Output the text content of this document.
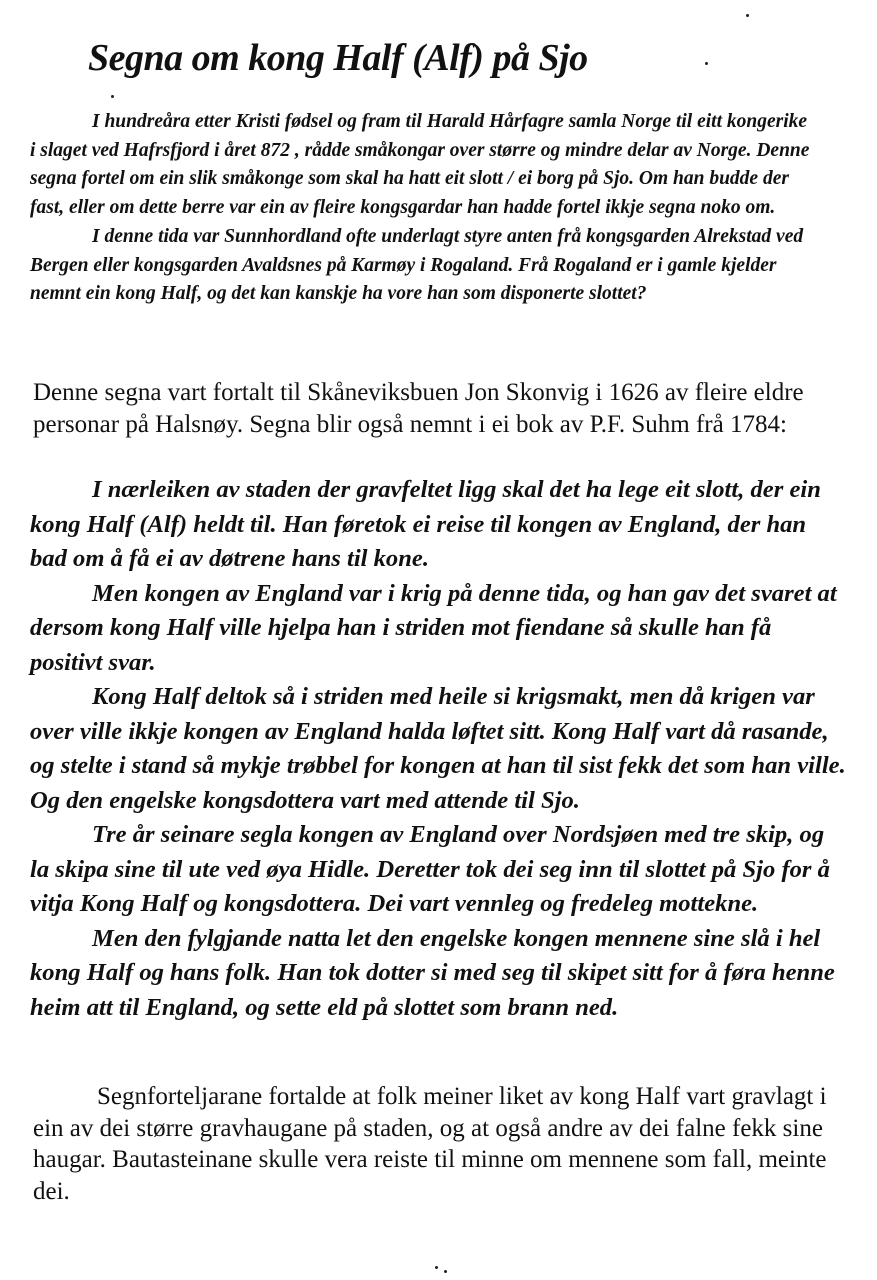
Segna om kong Half (Alf) på Sjo

I hundreåra etter Kristi fødsel og fram til Harald Hårfagre samla Norge til eitt kongerike i slaget ved Hafrsfjord i året 872 , rådde småkongar over større og mindre delar av Norge. Denne segna fortel om ein slik småkonge som skal ha hatt eit slott / ei borg på Sjo. Om han budde der fast, eller om dette berre var ein av fleire kongsgardar han hadde fortel ikkje segna noko om.

I denne tida var Sunnhordland ofte underlagt styre anten frå kongsgarden Alrekstad ved Bergen eller kongsgarden Avaldsnes på Karmøy i Rogaland. Frå Rogaland er i gamle kjelder nemnt ein kong Half, og det kan kanskje ha vore han som disponerte slottet?

Denne segna vart fortalt til Skåneviksbuen Jon Skonvig i 1626 av fleire eldre personar på Halsnøy. Segna blir også nemnt i ei bok av P.F. Suhm frå 1784:

I nærleiken av staden der gravfeltet ligg skal det ha lege eit slott, der ein kong Half (Alf) heldt til. Han føretok ei reise til kongen av England, der han bad om å få ei av døtrene hans til kone.

Men kongen av England var i krig på denne tida, og han gav det svaret at dersom kong Half ville hjelpa han i striden mot fiendane så skulle han få positivt svar.

Kong Half deltok så i striden med heile si krigsmakt, men då krigen var over ville ikkje kongen av England halda løftet sitt. Kong Half vart då rasande, og stelte i stand så mykje trøbbel for kongen at han til sist fekk det som han ville. Og den engelske kongsdottera vart med attende til Sjo.

Tre år seinare segla kongen av England over Nordsjøen med tre skip, og la skipa sine til ute ved øya Hidle. Deretter tok dei seg inn til slottet på Sjo for å vitja Kong Half og kongsdottera. Dei vart vennleg og fredeleg mottekne.

Men den fylgjande natta let den engelske kongen mennene sine slå i hel kong Half og hans folk. Han tok dotter si med seg til skipet sitt for å føra henne heim att til England, og sette eld på slottet som brann ned.

Segnforteljarane fortalde at folk meiner liket av kong Half vart gravlagt i ein av dei større gravhaugane på staden, og at også andre av dei falne fekk sine haugar. Bautasteinane skulle vera reiste til minne om mennene som fall, meinte dei.
